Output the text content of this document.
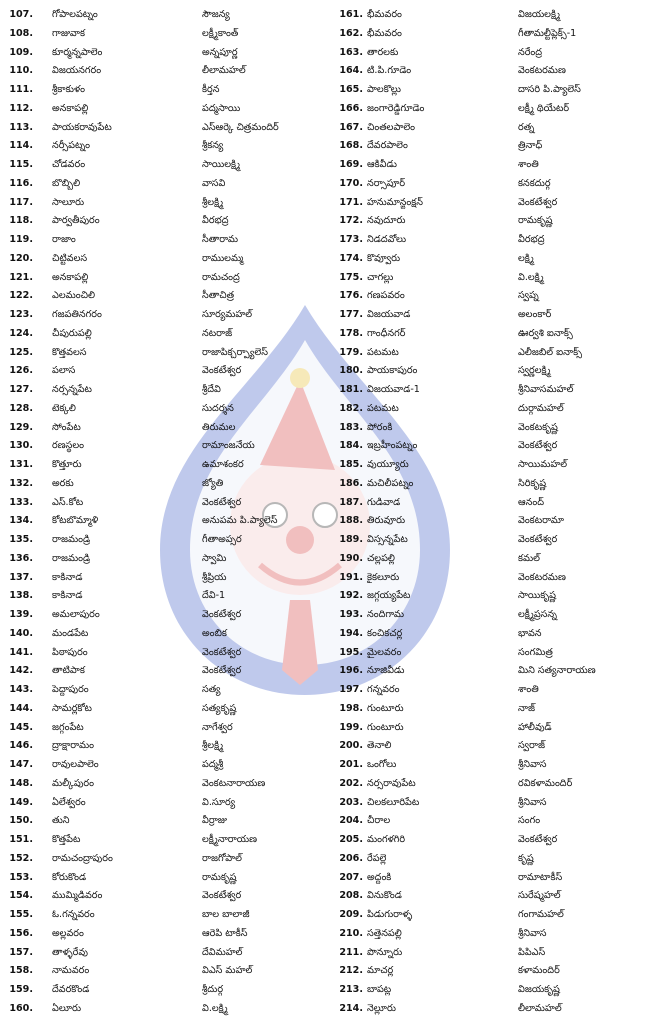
107. గోపాలపట్నం	సౌజన్య
108. గాజువాక	లక్ష్మీకాంత్
109. కూర్మన్నపాలెం	అన్నపూర్ణ
110. విజయనగరం	లీలామహల్
111. శ్రీకాకుళం	కీర్తన
112. అనకాపల్లి	పద్మసాయి
113. పాయకరావుపేట	ఎస్ఆర్కె చిత్రమందిర్
114. నర్సీపట్నం	శ్రీకన్య
115. చోడవరం	సాయిలక్ష్మి
116. బొబ్బిలి	వాసవి
117. సాలూరు	శ్రీలక్ష్మి
118. పార్వతీపురం	వీరభద్ర
119. రాజాం	సీతారామ
120. చిట్టివలస	రాములమ్మ
121. అనకాపల్లి	రామచంద్ర
122. ఎలమంచిలి	సీతాచిత్ర
123. గజపతినగరం	సూర్యమహల్
124. చీపురుపల్లి	నటరాజ్
125. కొత్తవలస	రాజాపిక్చర్ప్యాలెస్
126. పలాస	వెంకటేశ్వర
127. నర్సన్నపేట	శ్రీదేవి
128. టెక్కలి	సుదర్శన
129. సోంపేట	తిరుమల
130. రణస్థలం	రామాంజనేయ
131. కొత్తూరు	ఉమాశంకర
132. అరకు	జ్యోతి
133. ఎస్.కోట	వెంకటేశ్వర
134. కోటబొమ్మాళి	అనుపమ పి.ప్యాలెస్
135. రాజమండ్రి	గీతాఅప్సర
136. రాజమండ్రి	స్వామి
137. కాకినాడ	శ్రీప్రియ
138. కాకినాడ	దేవి-1
139. అమలాపురం	వెంకటేశ్వర
140. మండపేట	అంబిక
141. పిఠాపురం	వెంకటేశ్వర
142. తాటిపాక	వెంకటేశ్వర
143. పెద్దాపురం	సత్య
144. సామర్లకోట	సత్యకృష్ణ
145. జగ్గంపేట	నాగేశ్వర
146. ద్రాక్షారామం	శ్రీలక్ష్మి
147. రావులపాలెం	పద్మశ్రీ
148. మల్కీపురం	వెంకటనారాయణ
149. ఏలేశ్వరం	వి.సూర్య
150. తుని	వీర్రాజు
151. కొత్తపేట	లక్ష్మీనారాయణ
152. రామచంద్రాపురం	రాజగోపాల్
153. కోరుకొండ	రామకృష్ణ
154. ముమ్మిడివరం	వెంకటేశ్వర
155. ఓ.గన్నవరం	బాల బాలాజీ
156. అల్లవరం	ఆరెపి టాకీస్
157. తాళ్ళరేవు	దేవిమహల్
158. నామవరం	విఎస్ మహల్
159. దేవరకొండ	శ్రీదుర్గ
160. ఏలూరు	వి.లక్ష్మి
161. భీమవరం	విజయలక్ష్మి
162. భీమవరం	గీతామల్టీప్లెక్స్-1
163. తారలకు	నరేంద్ర
164. టి.పి.గూడెం	వెంకటరమణ
165. పాలకొల్లు	దాసరి పి.ప్యాలెస్
166. జంగారెడ్డిగూడెం	లక్ష్మీ థియేటర్
167. చింతలపాలెం	రత్న
168. దేవరపాలెం	త్రినాధ్
169. ఆకివీడు	శాంతి
170. నర్సాపూర్	కనకదుర్గ
171. హనుమాన్జంక్షన్	వెంకటేశ్వర
172. నవుదూరు	రామకృష్ణ
173. నిడదవోలు	వీరభద్ర
174. కొవ్వూరు	లక్ష్మి
175. చాగల్లు	వి.లక్ష్మి
176. గణపవరం	స్వప్న
177. విజయవాడ	అలంకార్
178. గాంధీనగర్	ఊర్వశి ఐనాక్స్
179. పటమట	ఎలీజబిల్ ఐనాక్స్
180. పాయకాపురం	స్వర్ణలక్ష్మి
181. విజయవాడ-1	శ్రీనివాసమహల్
182. పటమట	దుర్గామహల్
183. పోరంకి	వెంకటకృష్ణ
184. ఇబ్రహీంపట్నం	వెంకటేశ్వర
185. వుయ్యూరు	సాయిమహల్
186. మచిలీపట్నం	సిరికృష్ణ
187. గుడివాడ	ఆనంద్
188. తిరువూరు	వెంకటరామా
189. విస్సన్నపేట	వెంకటేశ్వర
190. చల్లపల్లి	కమల్
191. కైకలూరు	వెంకటరమణ
192. జగ్గయ్యపేట	సాయికృష్ణ
193. నందిగామ	లక్ష్మీప్రసన్న
194. కంచికచర్ల	భావన
195. మైలవరం	సంగమిత్ర
196. నూజివీడు	మిని సత్యనారాయణ
197. గన్నవరం	శాంతి
198. గుంటూరు	నాజ్
199. గుంటూరు	హాలీవుడ్
200. తెనాలి	స్వరాజ్
201. ఒంగోలు	శ్రీనివాస
202. నర్సరావుపేట	రవికళామందిర్
203. చిలకలూరిపేట	శ్రీనివాస
204. చీరాల	సంగం
205. మంగళగిరి	వెంకటేశ్వర
206. రేపల్లె	కృష్ణ
207. అద్దంకి	రామాటాకీస్
208. వినుకొండ	సురేష్మహల్
209. పిడుగురాళ్ళ	గంగామహల్
210. సత్తెనపల్లి	శ్రీనివాస
211. పొన్నూరు	పిపిఎస్
212. మాచర్ల	కళామందిర్
213. బాపట్ల	విజయకృష్ణ
214. నెల్లూరు	లీలామహల్
